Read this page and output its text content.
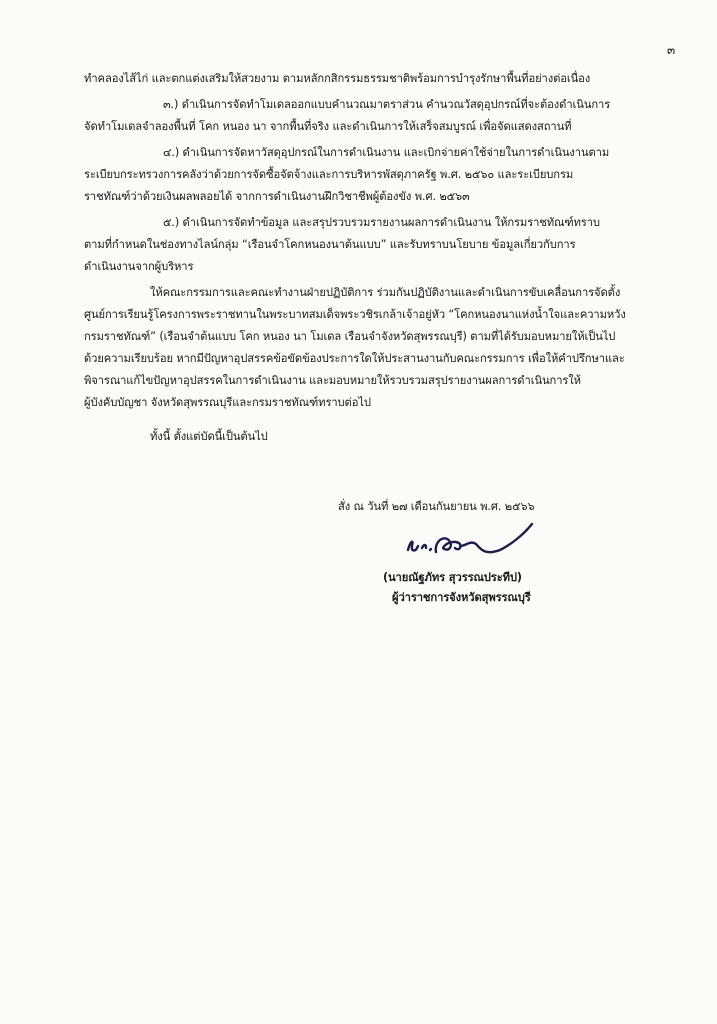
๓
ทำคลองไส้ไก่ และตกแต่งเสริมให้สวยงาม ตามหลักกสิกรรมธรรมชาติพร้อมการบำรุงรักษาพื้นที่อย่างต่อเนื่อง
๓.) ดำเนินการจัดทำโมเดลออกแบบคำนวณมาตราส่วน คำนวณวัสดุอุปกรณ์ที่จะต้องดำเนินการ
จัดทำโมเดลจำลองพื้นที่ โคก หนอง นา จากพื้นที่จริง และดำเนินการให้เสร็จสมบูรณ์ เพื่อจัดแสดงสถานที่
๔.) ดำเนินการจัดหาวัสดุอุปกรณ์ในการดำเนินงาน และเบิกจ่ายค่าใช้จ่ายในการดำเนินงานตาม
ระเบียบกระทรวงการคลังว่าด้วยการจัดซื้อจัดจ้างและการบริหารพัสดุภาครัฐ พ.ศ. ๒๕๖๐ และระเบียบกรม
ราชทัณฑ์ว่าด้วยเงินผลพลอยได้ จากการดำเนินงานฝึกวิชาชีพผู้ต้องขัง พ.ศ. ๒๕๖๓
๕.) ดำเนินการจัดทำข้อมูล และสรุปรวบรวมรายงานผลการดำเนินงาน ให้กรมราชทัณฑ์ทราบ
ตามที่กำหนดในช่องทางไลน์กลุ่ม “เรือนจำโคกหนองนาต้นแบบ” และรับทราบนโยบาย ข้อมูลเกี่ยวกับการ
ดำเนินงานจากผู้บริหาร
ให้คณะกรรมการและคณะทำงานฝ่ายปฏิบัติการ ร่วมกันปฏิบัติงานและดำเนินการขับเคลื่อนการจัดตั้ง
ศูนย์การเรียนรู้โครงการพระราชทานในพระบาทสมเด็จพระวชิรเกล้าเจ้าอยู่หัว “โคกหนองนาแห่งน้ำใจและความหวัง
กรมราชทัณฑ์” (เรือนจำต้นแบบ โคก หนอง นา โมเดล เรือนจำจังหวัดสุพรรณบุรี) ตามที่ได้รับมอบหมายให้เป็นไป
ด้วยความเรียบร้อย หากมีปัญหาอุปสรรคข้อขัดข้องประการใดให้ประสานงานกับคณะกรรมการ เพื่อให้คำปรึกษาและ
พิจารณาแก้ไขปัญหาอุปสรรคในการดำเนินงาน และมอบหมายให้รวบรวมสรุปรายงานผลการดำเนินการให้
ผู้บังคับบัญชา จังหวัดสุพรรณบุรีและกรมราชทัณฑ์ทราบต่อไป
ทั้งนี้ ตั้งแต่บัดนี้เป็นต้นไป
สั่ง ณ วันที่ ๒๗ เดือนกันยายน พ.ศ. ๒๕๖๖
(นายณัฐภัทร สุวรรณประทีป)
ผู้ว่าราชการจังหวัดสุพรรณบุรี
